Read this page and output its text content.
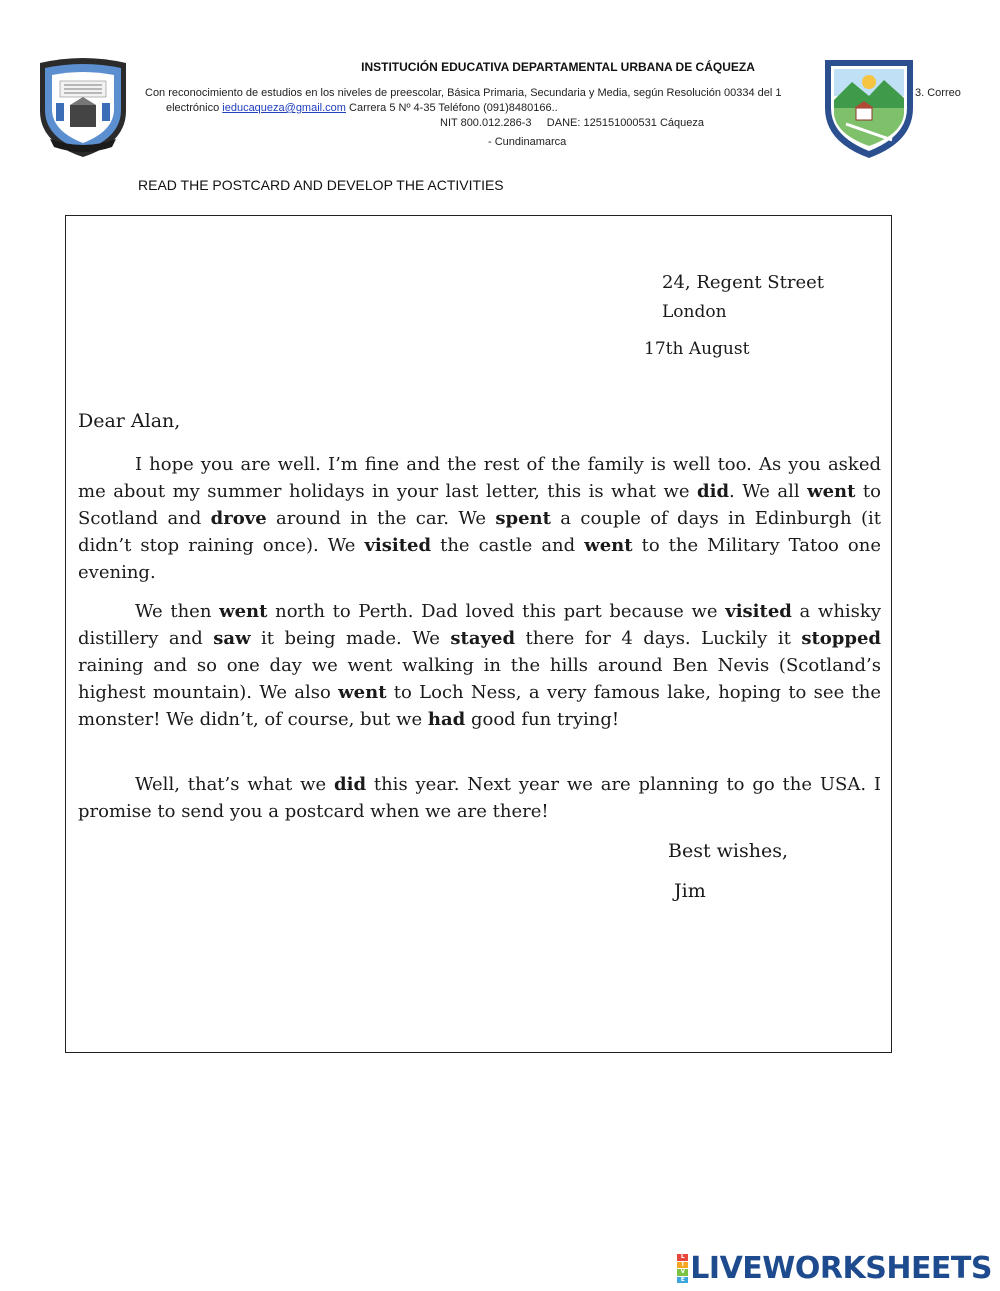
INSTITUCIÓN EDUCATIVA DEPARTAMENTAL URBANA DE CÁQUEZA
Con reconocimiento de estudios en los niveles de preescolar, Básica Primaria, Secundaria y Media, según Resolución 00334 del 1	3. Correo
electrónico ieducaqueza@gmail.com Carrera 5 Nº 4-35 Teléfono (091)8480166..
NIT 800.012.286-3     DANE: 125151000531 Cáqueza
- Cundinamarca
READ THE POSTCARD AND DEVELOP THE ACTIVITIES
24, Regent Street
London
17th August
Dear Alan,

I hope you are well. I’m fine and the rest of the family is well too. As you asked me about my summer holidays in your last letter, this is what we did. We all went to Scotland and drove around in the car. We spent a couple of days in Edinburgh (it didn’t stop raining once). We visited the castle and went to the Military Tatoo one evening.

We then went north to Perth. Dad loved this part because we visited a whisky distillery and saw it being made. We stayed there for 4 days. Luckily it stopped raining and so one day we went walking in the hills around Ben Nevis (Scotland’s highest mountain). We also went to Loch Ness, a very famous lake, hoping to see the monster! We didn’t, of course, but we had good fun trying!

Well, that’s what we did this year. Next year we are planning to go the USA. I promise to send you a postcard when we are there!

Best wishes,
Jim
L
I
V
E LIVEWORKSHEETS
